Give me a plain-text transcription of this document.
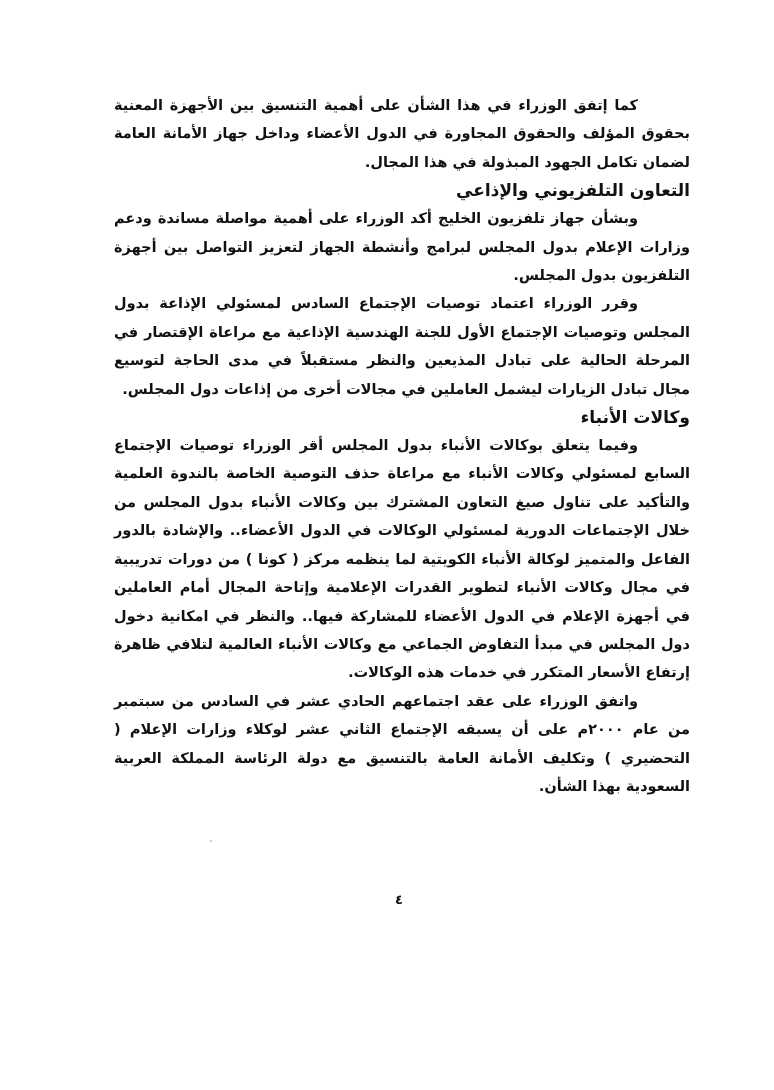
كما إتفق الوزراء في هذا الشأن على أهمية التنسيق بين الأجهزة المعنية بحقوق المؤلف والحقوق المجاورة في الدول الأعضاء وداخل جهاز الأمانة العامة لضمان تكامل الجهود المبذولة في هذا المجال.

التعاون التلفزيوني والإذاعي

وبشأن جهاز تلفزيون الخليج أكد الوزراء على أهمية مواصلة مساندة ودعم وزارات الإعلام بدول المجلس لبرامج وأنشطة الجهاز لتعزيز التواصل بين أجهزة التلفزيون بدول المجلس.

وقرر الوزراء اعتماد توصيات الإجتماع السادس لمسئولي الإذاعة بدول المجلس وتوصيات الإجتماع الأول للجنة الهندسية الإذاعية مع مراعاة الإقتصار في المرحلة الحالية على تبادل المذيعين والنظر مستقبلاً في مدى الحاجة لتوسيع مجال تبادل الزيارات ليشمل العاملين في مجالات أخرى من إذاعات دول المجلس.

وكالات الأنباء

وفيما يتعلق بوكالات الأنباء بدول المجلس أقر الوزراء توصيات الإجتماع السابع لمسئولي وكالات الأنباء مع مراعاة حذف التوصية الخاصة بالندوة العلمية والتأكيد على تناول صيغ التعاون المشترك بين وكالات الأنباء بدول المجلس من خلال الإجتماعات الدورية لمسئولي الوكالات في الدول الأعضاء.. والإشادة بالدور الفاعل والمتميز لوكالة الأنباء الكويتية لما ينظمه مركز ( كونا ) من دورات تدريبية في مجال وكالات الأنباء لتطوير القدرات الإعلامية وإتاحة المجال أمام العاملين في أجهزة الإعلام في الدول الأعضاء للمشاركة فيها.. والنظر في امكانية دخول دول المجلس في مبدأ التفاوض الجماعي مع وكالات الأنباء العالمية لتلافي ظاهرة إرتفاع الأسعار المتكرر في خدمات هذه الوكالات.

واتفق الوزراء على عقد اجتماعهم الحادي عشر في السادس من سبتمبر من عام ٢٠٠٠م على أن يسبقه الإجتماع الثاني عشر لوكلاء وزارات الإعلام ( التحضيري ) وتكليف الأمانة العامة بالتنسيق مع دولة الرئاسة المملكة العربية السعودية بهذا الشأن.

٤
